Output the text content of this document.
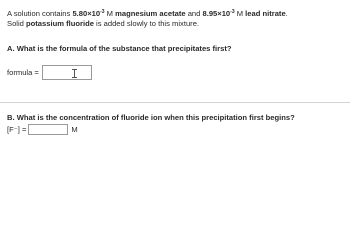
A solution contains $5.80\times 10^{-3}$ M magnesium acetate and $8.95\times 10^{-3}$ M lead nitrate.
Solid potassium fluoride is added slowly to this mixture.
A. What is the formula of the substance that precipitates first?
formula =
B. What is the concentration of fluoride ion when this precipitation first begins?
[F⁻] =	M
